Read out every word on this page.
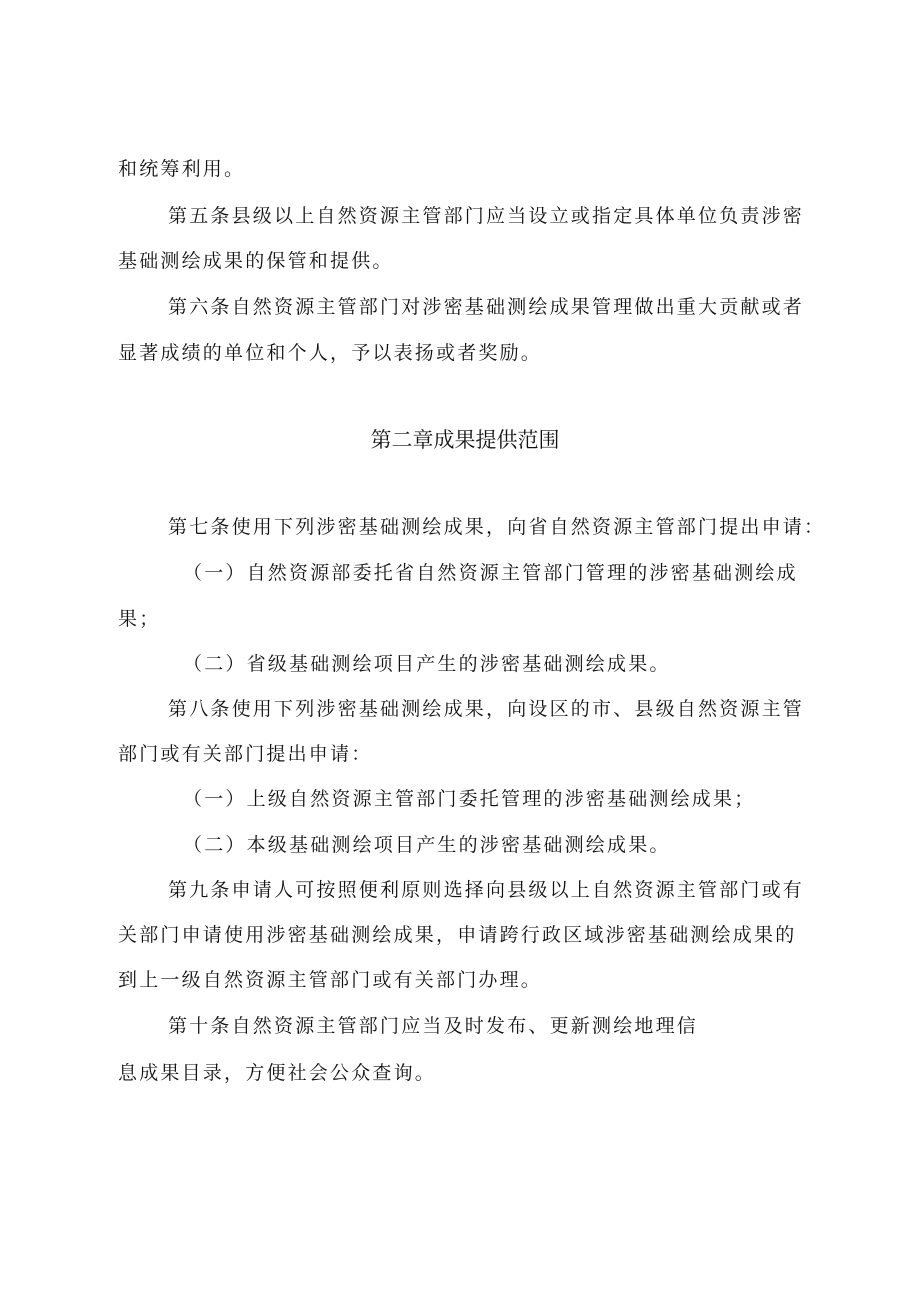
和统筹利用。
第五条县级以上自然资源主管部门应当设立或指定具体单位负责涉密
基础测绘成果的保管和提供。
第六条自然资源主管部门对涉密基础测绘成果管理做出重大贡献或者
显著成绩的单位和个人，予以表扬或者奖励。
第二章成果提供范围
第七条使用下列涉密基础测绘成果，向省自然资源主管部门提出申请：
（一）自然资源部委托省自然资源主管部门管理的涉密基础测绘成
果；
（二）省级基础测绘项目产生的涉密基础测绘成果。
第八条使用下列涉密基础测绘成果，向设区的市、县级自然资源主管
部门或有关部门提出申请：
（一）上级自然资源主管部门委托管理的涉密基础测绘成果；
（二）本级基础测绘项目产生的涉密基础测绘成果。
第九条申请人可按照便利原则选择向县级以上自然资源主管部门或有
关部门申请使用涉密基础测绘成果，申请跨行政区域涉密基础测绘成果的
到上一级自然资源主管部门或有关部门办理。
第十条自然资源主管部门应当及时发布、更新测绘地理信
息成果目录，方便社会公众查询。
